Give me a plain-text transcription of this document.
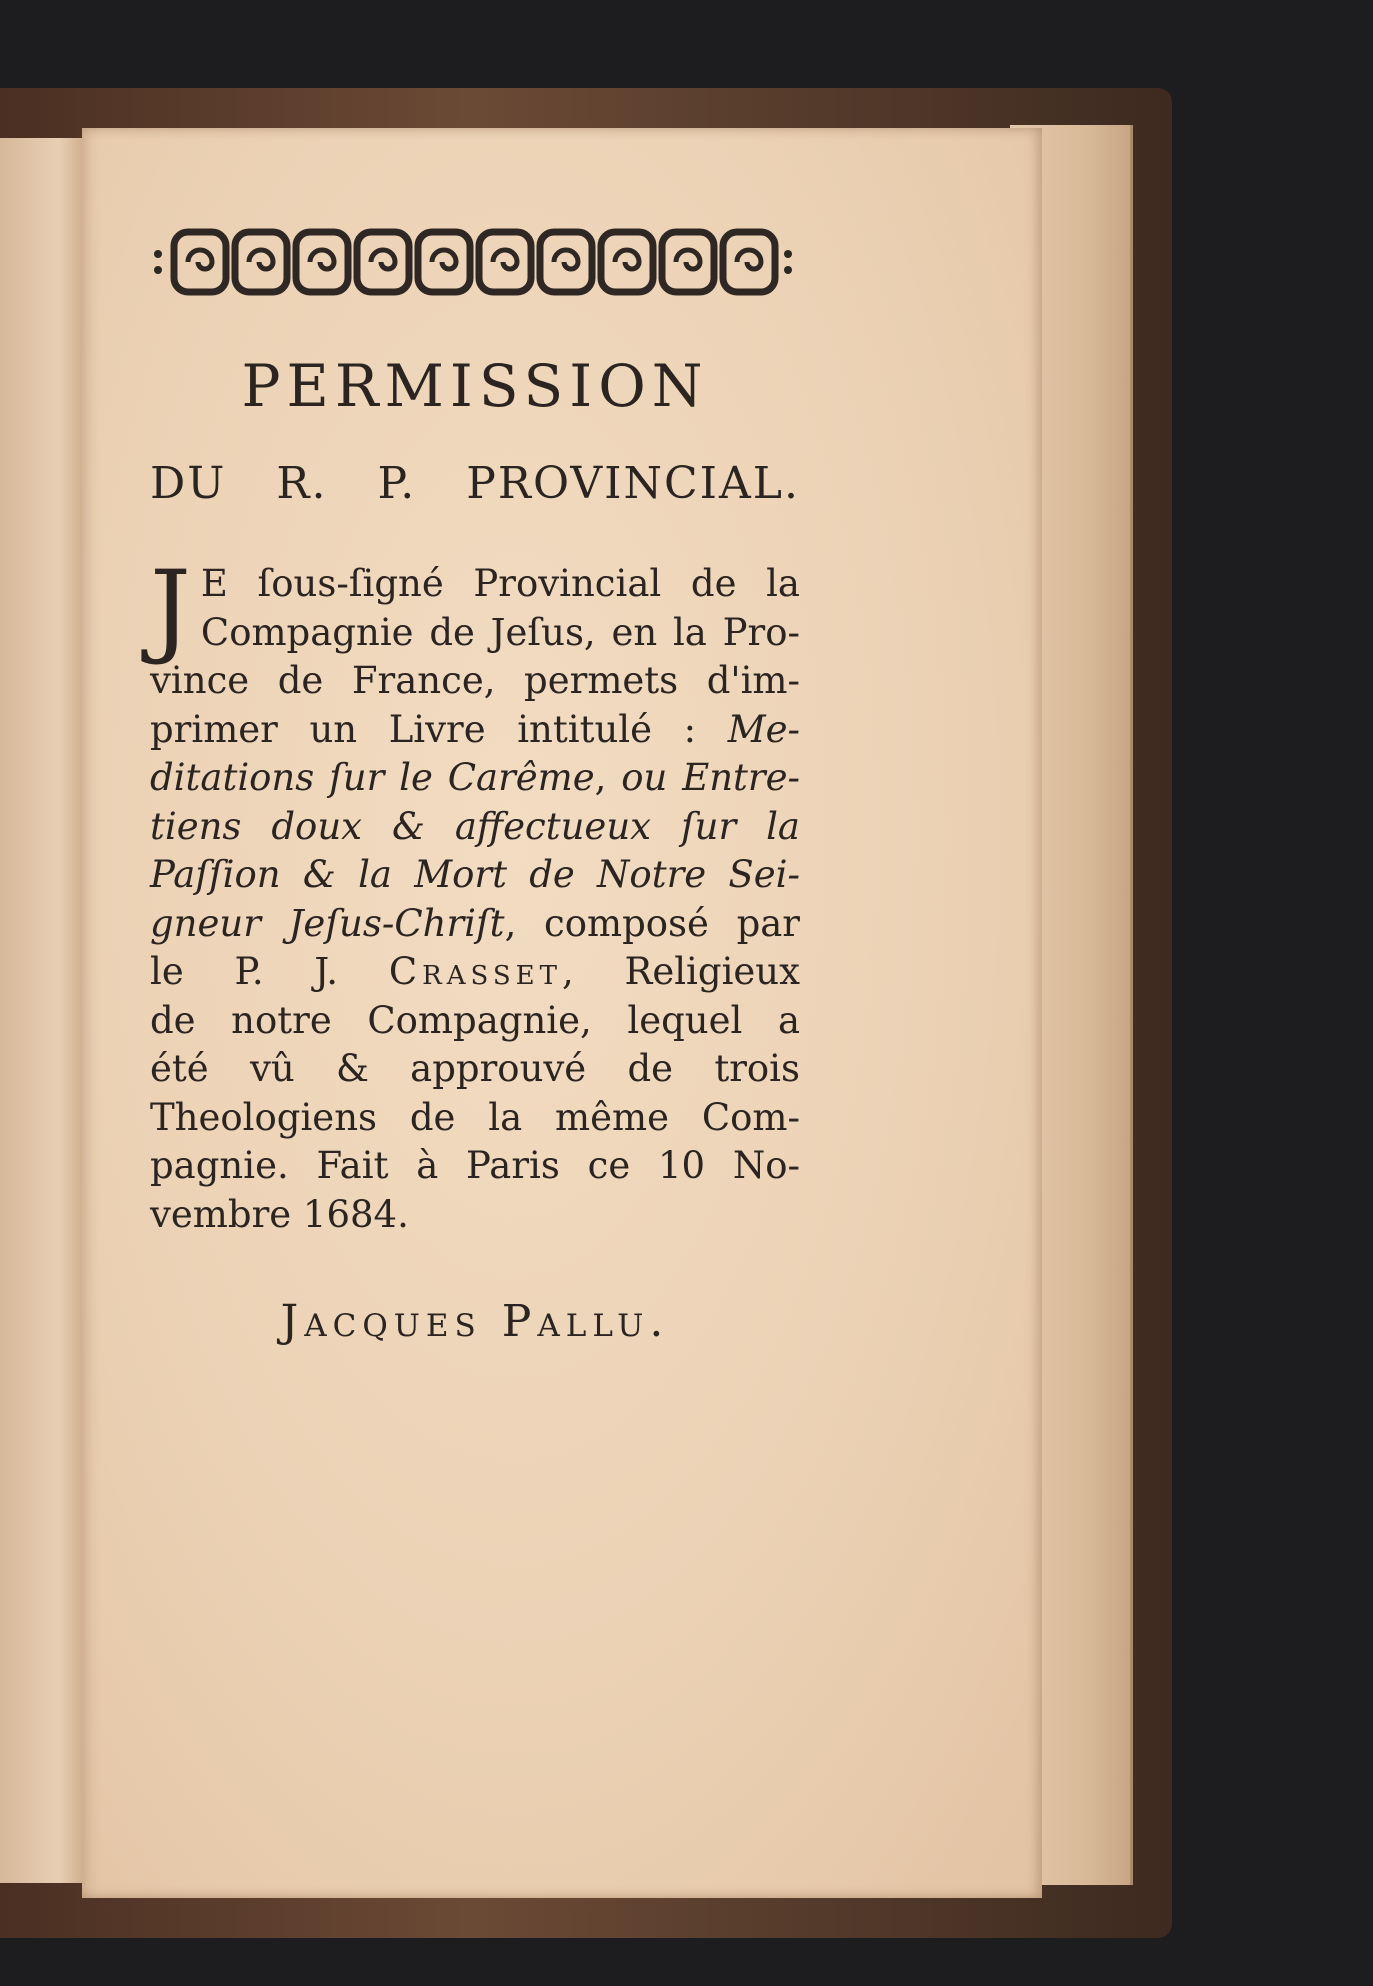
PERMISSION
DU R. P. PROVINCIAL.
J E ſous-ſigné Provincial de la
Compagnie de Jeſus, en la Pro-
vince de France, permets d'im-
primer un Livre intitulé : Me-
ditations ſur le Carême, ou Entre-
tiens doux & affectueux ſur la
Paſſion & la Mort de Notre Sei-
gneur Jeſus-Chriſt, composé par
le P. J. Crasset, Religieux
de notre Compagnie, lequel a
été vû & approuvé de trois
Theologiens de la même Com-
pagnie. Fait à Paris ce 10 No-
vembre 1684.
Jacques Pallu.
